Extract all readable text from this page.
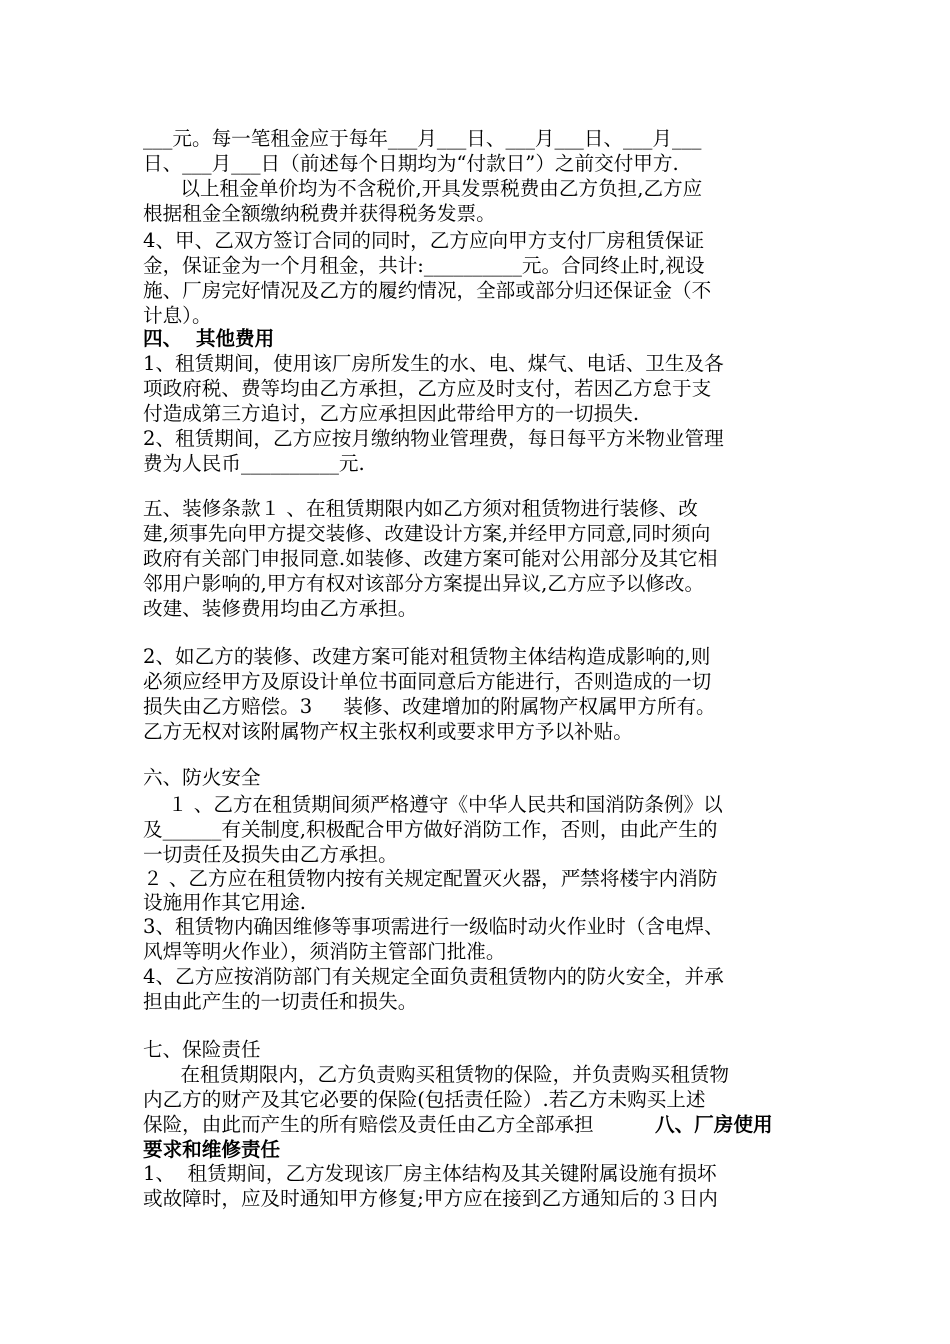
___元。每一笔租金应于每年___月___日、___月___日、___月___

日、___月___日（前述每个日期均为“付款日”）之前交付甲方.

以上租金单价均为不含税价,开具发票税费由乙方负担,乙方应

根据租金全额缴纳税费并获得税务发票。

4、甲、乙双方签订合同的同时，乙方应向甲方支付厂房租赁保证

金，保证金为一个月租金，共计:__________元。合同终止时,视设

施、厂房完好情况及乙方的履约情况，全部或部分归还保证金（不

计息）。

四、  其他费用

1、租赁期间，使用该厂房所发生的水、电、煤气、电话、卫生及各

项政府税、费等均由乙方承担，乙方应及时支付，若因乙方怠于支

付造成第三方追讨，乙方应承担因此带给甲方的一切损失.

2、租赁期间，乙方应按月缴纳物业管理费，每日每平方米物业管理

费为人民币__________元.

五、装修条款１ 、在租赁期限内如乙方须对租赁物进行装修、改

建,须事先向甲方提交装修、改建设计方案,并经甲方同意,同时须向

政府有关部门申报同意.如装修、改建方案可能对公用部分及其它相

邻用户影响的,甲方有权对该部分方案提出异议,乙方应予以修改。

改建、装修费用均由乙方承担。

2、如乙方的装修、改建方案可能对租赁物主体结构造成影响的,则

必须应经甲方及原设计单位书面同意后方能进行，否则造成的一切

损失由乙方赔偿。3     装修、改建增加的附属物产权属甲方所有。

乙方无权对该附属物产权主张权利或要求甲方予以补贴。

六、防火安全

１ 、乙方在租赁期间须严格遵守《中华人民共和国消防条例》以

及______有关制度,积极配合甲方做好消防工作，否则，由此产生的

一切责任及损失由乙方承担。

２ 、乙方应在租赁物内按有关规定配置灭火器，严禁将楼宇内消防

设施用作其它用途.

3、租赁物内确因维修等事项需进行一级临时动火作业时（含电焊、

风焊等明火作业），须消防主管部门批准。

4、乙方应按消防部门有关规定全面负责租赁物内的防火安全，并承

担由此产生的一切责任和损失。

七、保险责任

在租赁期限内，乙方负责购买租赁物的保险，并负责购买租赁物

内乙方的财产及其它必要的保险(包括责任险）.若乙方未购买上述

保险，由此而产生的所有赔偿及责任由乙方全部承担	八、厂房使用

要求和维修责任

1、  租赁期间，乙方发现该厂房主体结构及其关键附属设施有损坏

或故障时，应及时通知甲方修复;甲方应在接到乙方通知后的３日内
